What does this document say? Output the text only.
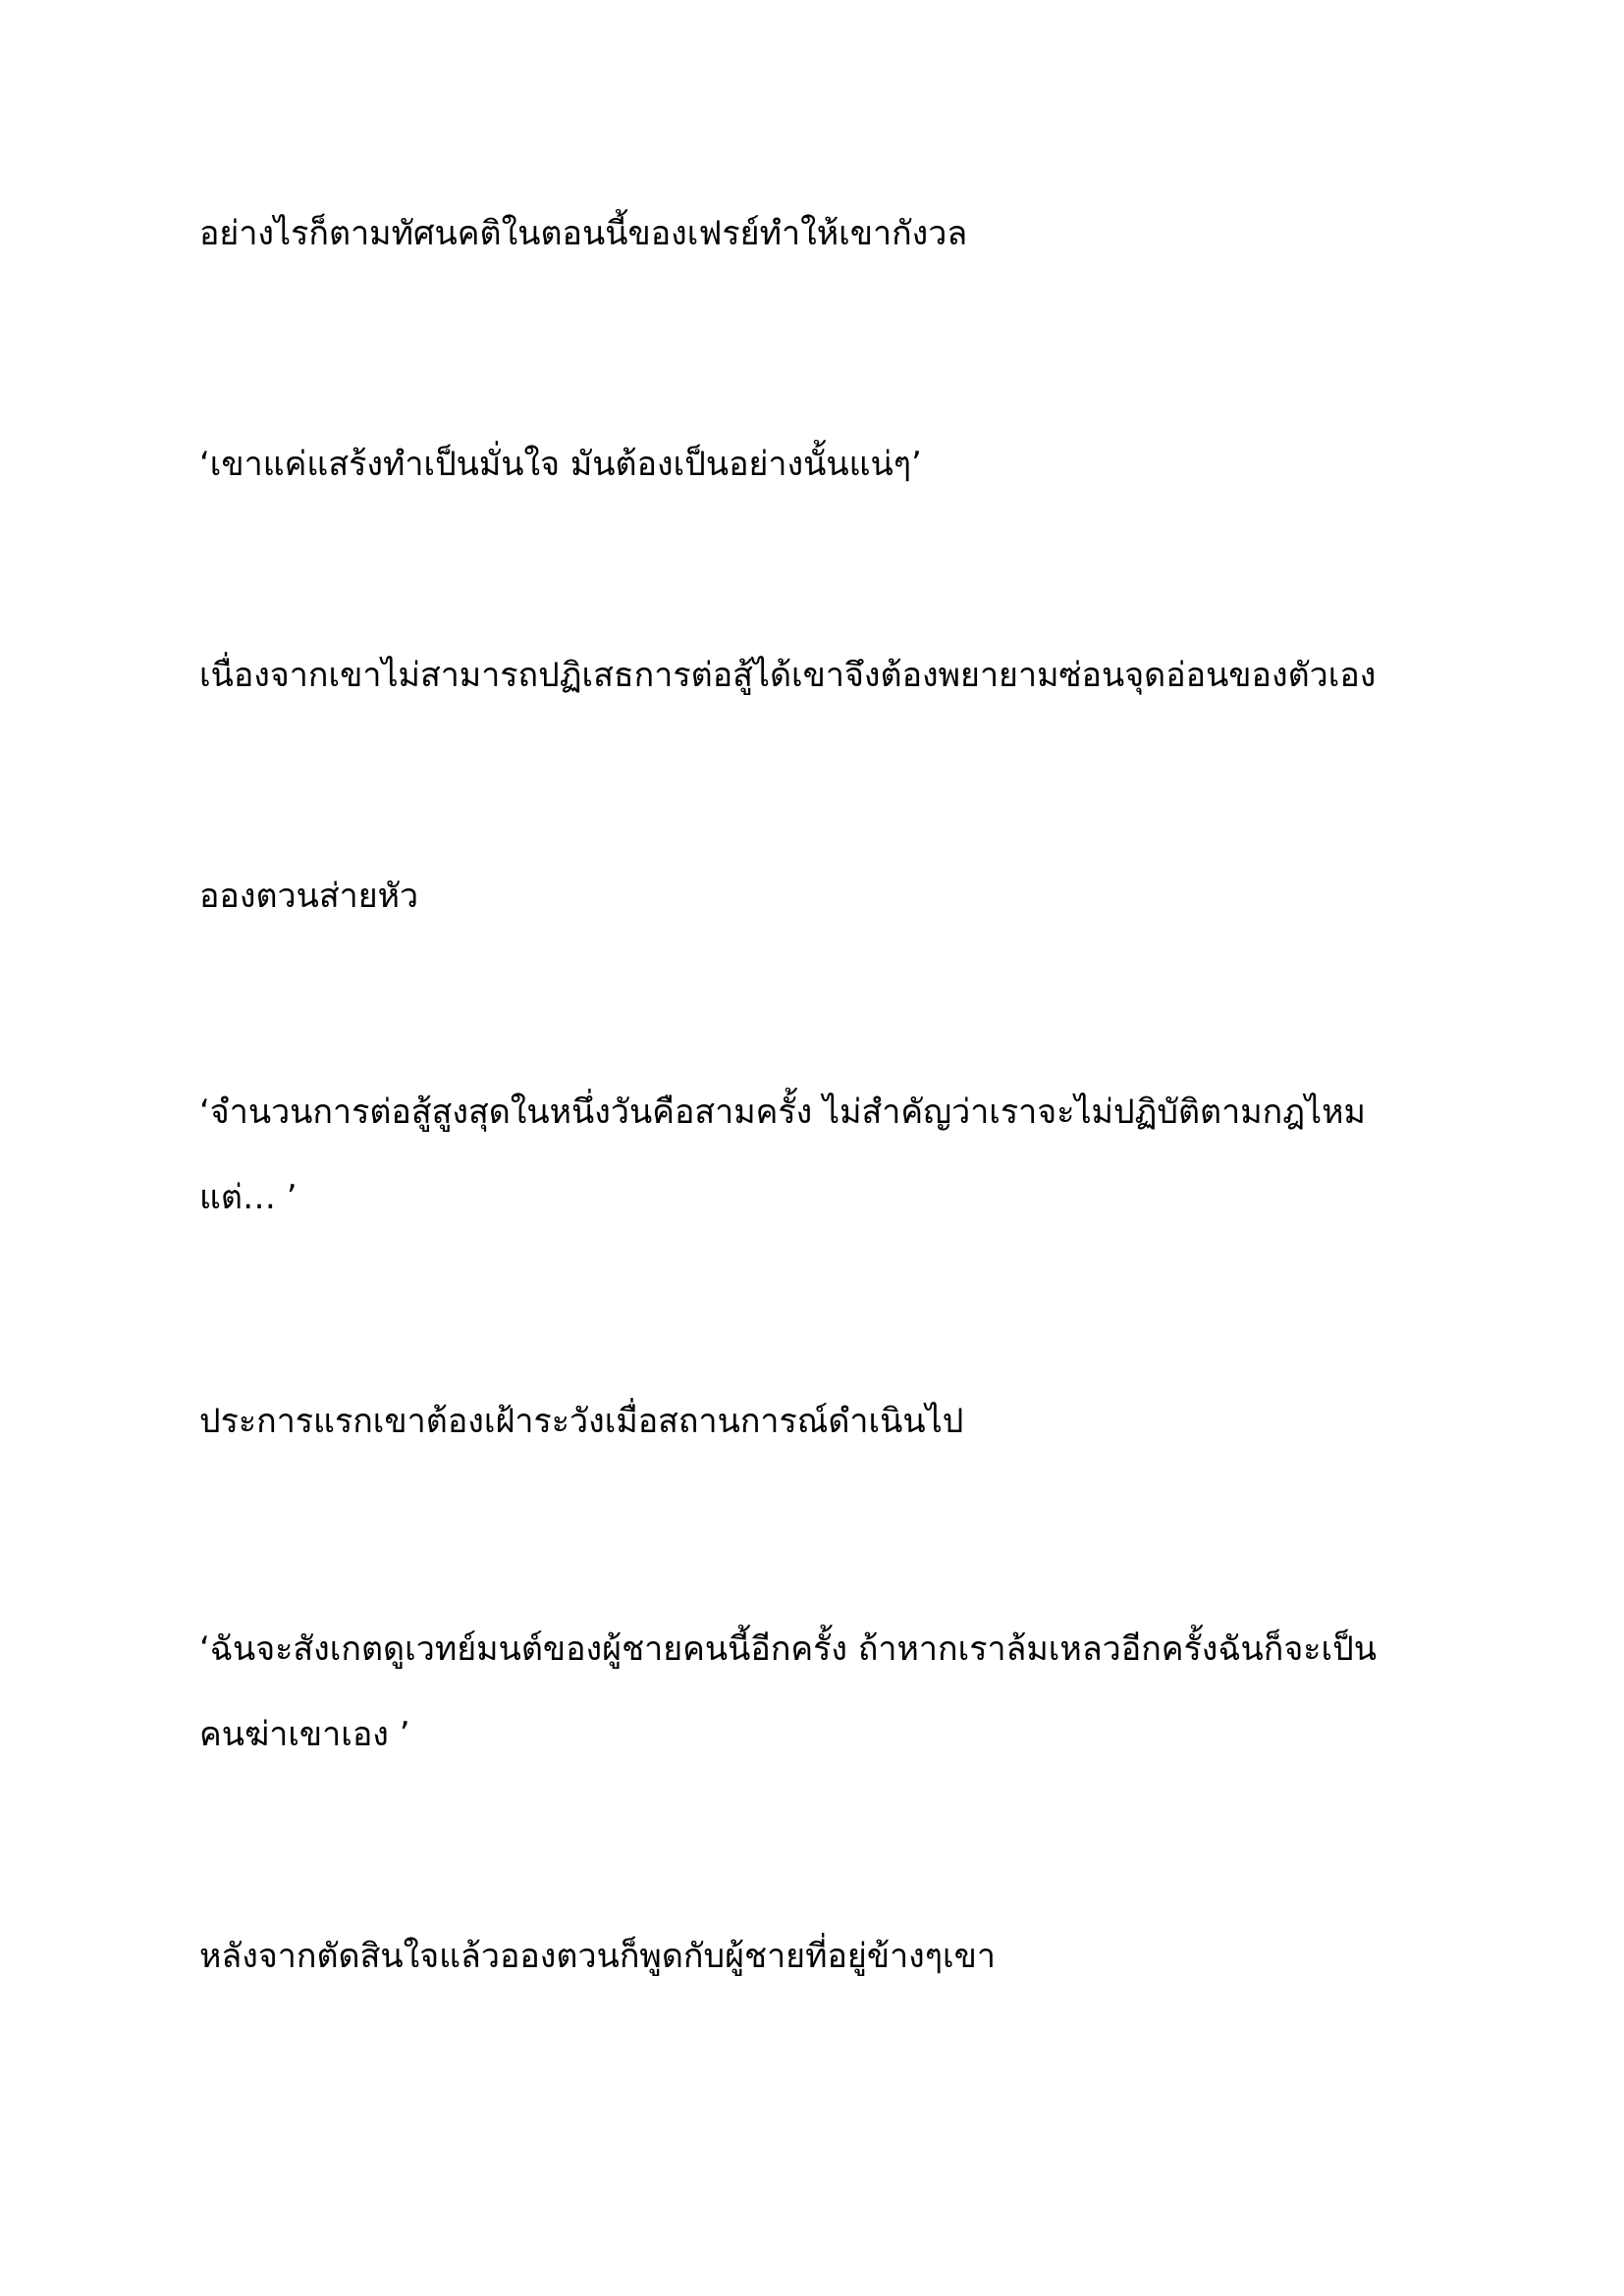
อย่างไรก็ตามทัศนคติในตอนนี้ของเฟรย์ทำให้เขากังวล

‘เขาแค่แสร้งทำเป็นมั่นใจ มันต้องเป็นอย่างนั้นแน่ๆ’

เนื่องจากเขาไม่สามารถปฏิเสธการต่อสู้ได้เขาจึงต้องพยายามซ่อนจุดอ่อนของตัวเอง

อองตวนส่ายหัว

‘จำนวนการต่อสู้สูงสุดในหนึ่งวันคือสามครั้ง ไม่สำคัญว่าเราจะไม่ปฏิบัติตามกฎไหม
แต่… ’

ประการแรกเขาต้องเฝ้าระวังเมื่อสถานการณ์ดำเนินไป

‘ฉันจะสังเกตดูเวทย์มนต์ของผู้ชายคนนี้อีกครั้ง ถ้าหากเราล้มเหลวอีกครั้งฉันก็จะเป็น
คนฆ่าเขาเอง ’

หลังจากตัดสินใจแล้วอองตวนก็พูดกับผู้ชายที่อยู่ข้างๆเขา
